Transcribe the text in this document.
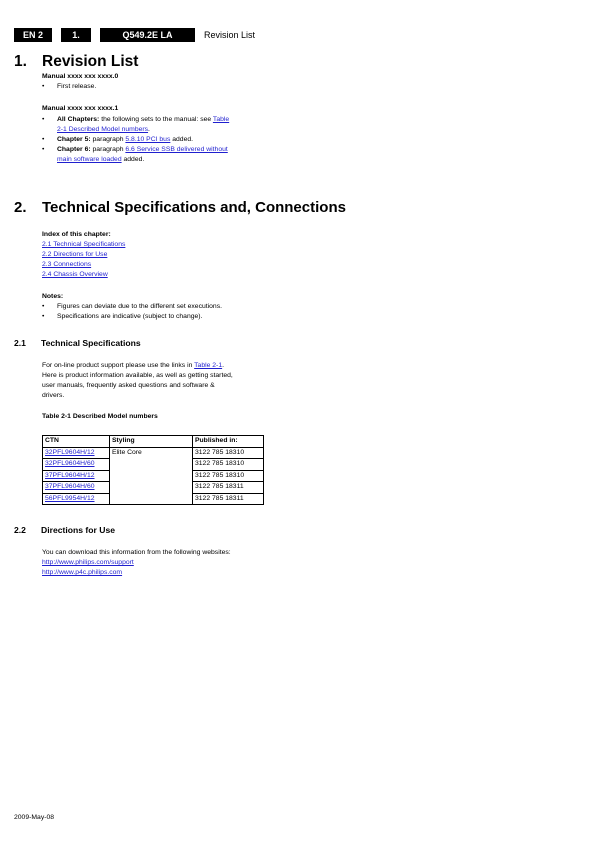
EN 2	1.	Q549.2E LA	Revision List
1. Revision List
Manual xxxx xxx xxxx.0
• First release.
Manual xxxx xxx xxxx.1
• All Chapters: the following sets to the manual: see Table
2-1 Described Model numbers.
• Chapter 5: paragraph 5.8.10 PCI bus added.
• Chapter 6: paragraph 6.6 Service SSB delivered without
main software loaded added.
2. Technical Specifications and, Connections
Index of this chapter:
2.1 Technical Specifications
2.2 Directions for Use
2.3 Connections
2.4 Chassis Overview
Notes:
• Figures can deviate due to the different set executions.
• Specifications are indicative (subject to change).
2.1 Technical Specifications
For on-line product support please use the links in Table 2-1.
Here is product information available, as well as getting started,
user manuals, frequently asked questions and software &
drivers.
Table 2-1 Described Model numbers
CTN	Styling	Published in:
32PFL9604H/12	Elite Core	3122 785 18310
32PFL9604H/60		3122 785 18310
37PFL9604H/12		3122 785 18310
37PFL9604H/60		3122 785 18311
56PFL9954H/12		3122 785 18311
2.2 Directions for Use
You can download this information from the following websites:
http://www.philips.com/support
http://www.p4c.philips.com
2009-May-08
